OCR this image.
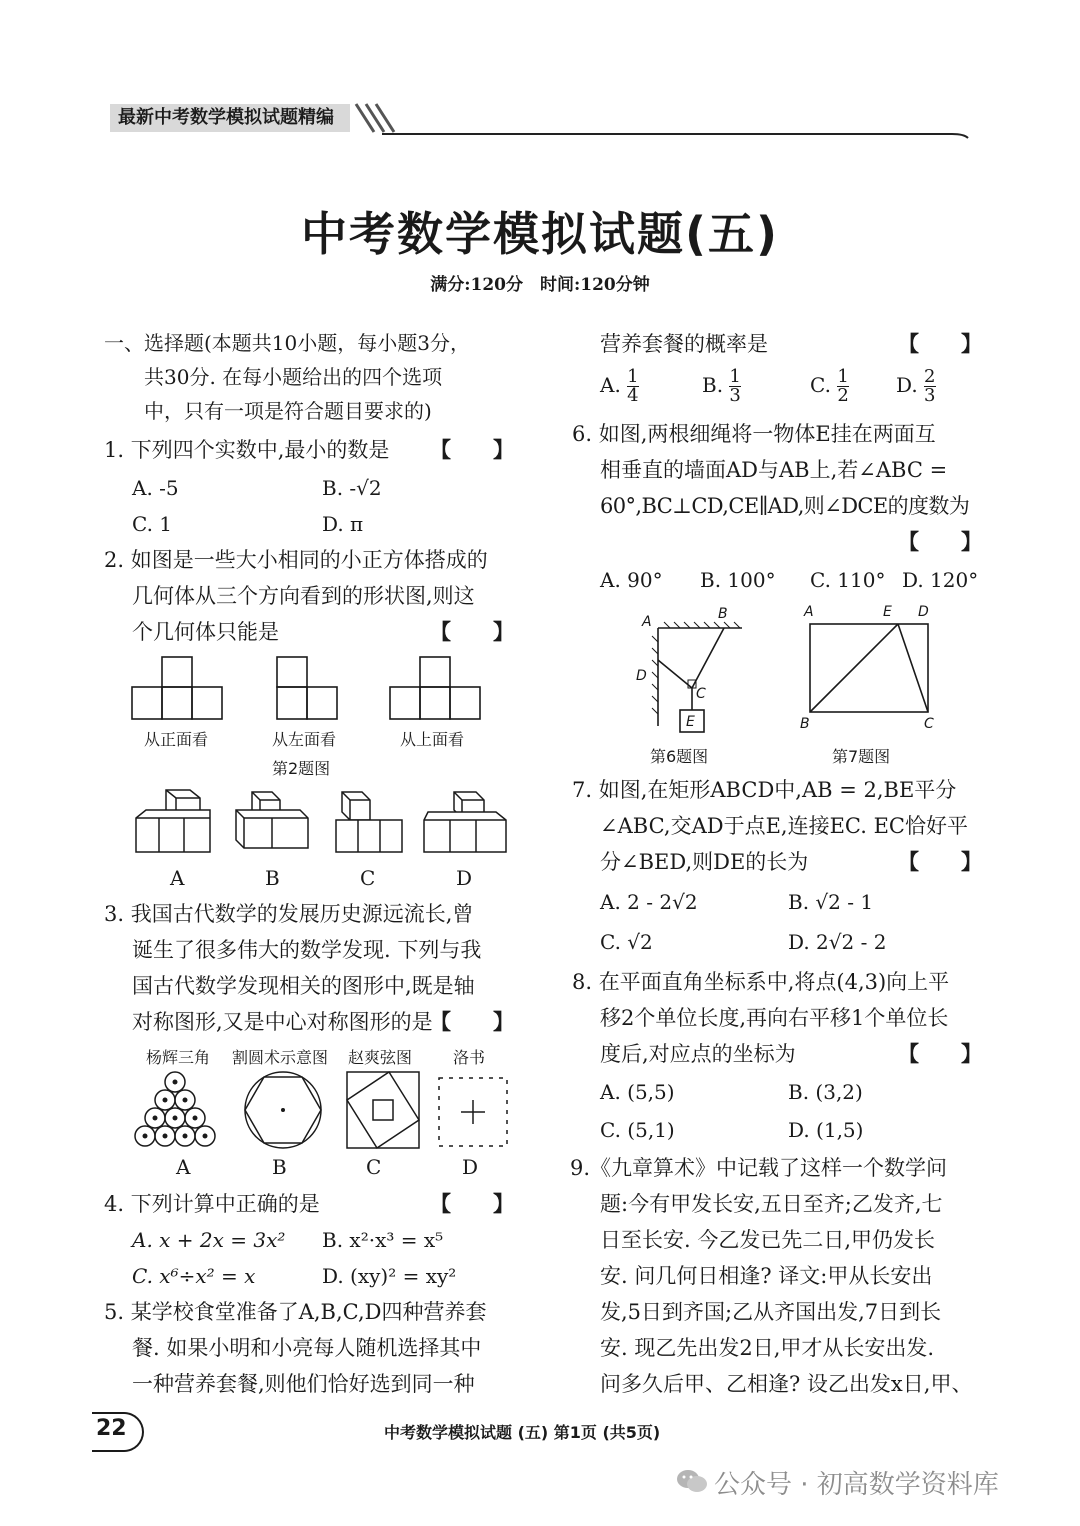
最新中考数学模拟试题精编
中考数学模拟试题(五)
满分:120分　时间:120分钟
一、选择题(本题共10小题，每小题3分，
共30分. 在每小题给出的四个选项
中，只有一项是符合题目要求的)
1. 下列四个实数中,最小的数是 【　　】
A. -5	B. -√2
C. 1	D. π
2. 如图是一些大小相同的小正方体搭成的
几何体从三个方向看到的形状图,则这
个几何体只能是	【　　】
从正面看	从左面看	从上面看
第2题图
A	B	C	D
3. 我国古代数学的发展历史源远流长,曾
诞生了很多伟大的数学发现. 下列与我
国古代数学发现相关的图形中,既是轴
对称图形,又是中心对称图形的是
【　　】
杨辉三角 割圆术示意图 赵爽弦图	洛书
A	B	C	D
4. 下列计算中正确的是	【　　】
A. x + 2x = 3x² B. x²·x³ = x⁵
C. x⁶÷x² = x	D. (xy)² = xy²
5. 某学校食堂准备了A,B,C,D四种营养套
餐. 如果小明和小亮每人随机选择其中
一种营养套餐,则他们恰好选到同一种
营养套餐的概率是	【　　】
A. $\frac{1}{4}$	B. $\frac{1}{3}$	C. $\frac{1}{2} D$. $\frac{2}{3}$
6. 如图,两根细绳将一物体E挂在两面互
相垂直的墙面AD与AB上,若∠ABC =
60°,BC⊥CD,CE∥AD,则∠DCE的度数为
【　　】
A. 90° B. 100° C. 110° D. 120°
A	B
D
C
E
第6题图
A	E D
B	C
第7题图
7. 如图,在矩形ABCD中,AB = 2,BE平分
∠ABC,交AD于点E,连接EC. EC恰好平
分∠BED,则DE的长为	【　　】
A. 2 - 2√2	B. √2 - 1
C. √2	D. 2√2 - 2
8. 在平面直角坐标系中,将点(4,3)向上平
移2个单位长度,再向右平移1个单位长
度后,对应点的坐标为	【　　】
A. (5,5)	B. (3,2)
C. (5,1)	D. (1,5)
9.《九章算术》中记载了这样一个数学问
题:今有甲发长安,五日至齐;乙发齐,七
日至长安. 今乙发已先二日,甲仍发长
安. 问几何日相逢? 译文:甲从长安出
发,5日到齐国;乙从齐国出发,7日到长
安. 现乙先出发2日,甲才从长安出发.
问多久后甲、乙相逢? 设乙出发x日,甲、
22	中考数学模拟试题 (五) 第1页 (共5页)
公众号 · 初高数学资料库
